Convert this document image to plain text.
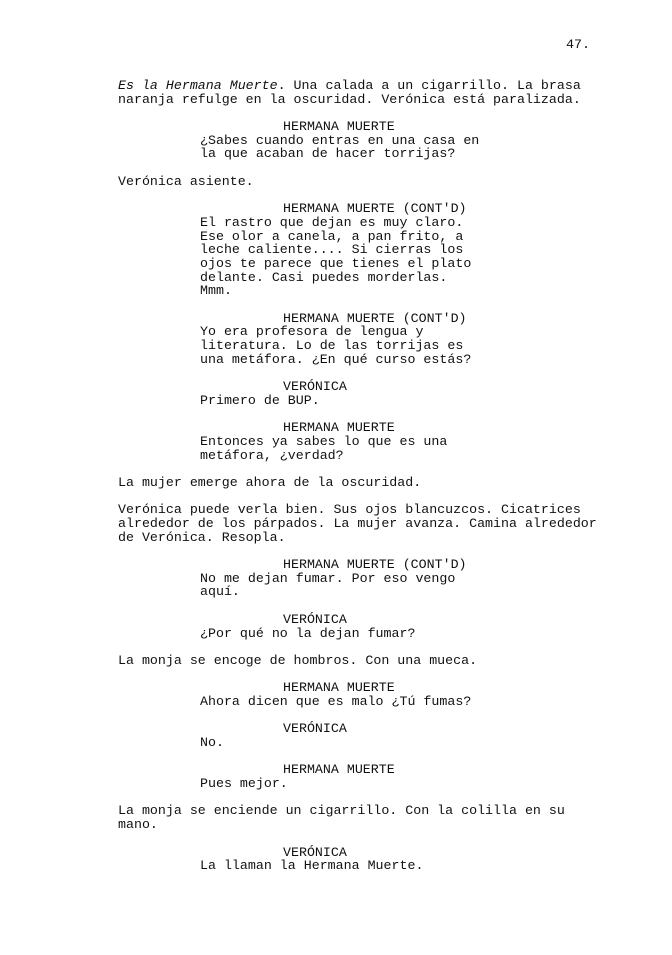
47.
Es la Hermana Muerte. Una calada a un cigarrillo. La brasa
naranja refulge en la oscuridad. Verónica está paralizada.
HERMANA MUERTE
¿Sabes cuando entras en una casa en
la que acaban de hacer torrijas?
Verónica asiente.
HERMANA MUERTE (CONT'D)
El rastro que dejan es muy claro.
Ese olor a canela, a pan frito, a
leche caliente.... Si cierras los
ojos te parece que tienes el plato
delante. Casi puedes morderlas.
Mmm.
HERMANA MUERTE (CONT'D)
Yo era profesora de lengua y
literatura. Lo de las torrijas es
una metáfora. ¿En qué curso estás?
VERÓNICA
Primero de BUP.
HERMANA MUERTE
Entonces ya sabes lo que es una
metáfora, ¿verdad?
La mujer emerge ahora de la oscuridad.
Verónica puede verla bien. Sus ojos blancuzcos. Cicatrices
alrededor de los párpados. La mujer avanza. Camina alrededor
de Verónica. Resopla.
HERMANA MUERTE (CONT'D)
No me dejan fumar. Por eso vengo
aquí.
VERÓNICA
¿Por qué no la dejan fumar?
La monja se encoge de hombros. Con una mueca.
HERMANA MUERTE
Ahora dicen que es malo ¿Tú fumas?
VERÓNICA
No.
HERMANA MUERTE
Pues mejor.
La monja se enciende un cigarrillo. Con la colilla en su
mano.
VERÓNICA
La llaman la Hermana Muerte.
